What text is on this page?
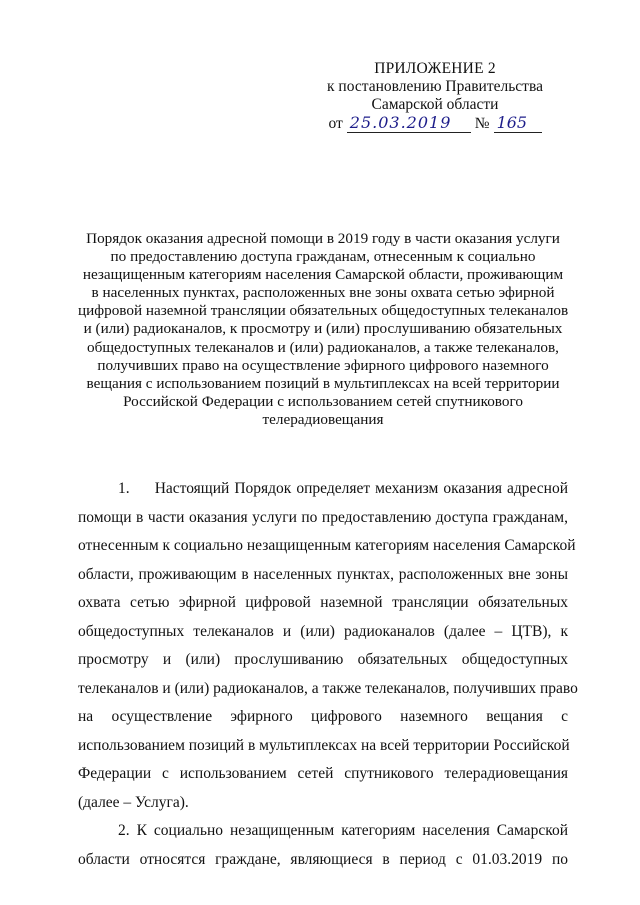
ПРИЛОЖЕНИЕ 2
к постановлению Правительства
Самарской области
от 25.03.2019	№ 165
Порядок оказания адресной помощи в 2019 году в части оказания услуги
по предоставлению доступа гражданам, отнесенным к социально
незащищенным категориям населения Самарской области, проживающим
в населенных пунктах, расположенных вне зоны охвата сетью эфирной
цифровой наземной трансляции обязательных общедоступных телеканалов
и (или) радиоканалов, к просмотру и (или) прослушиванию обязательных
общедоступных телеканалов и (или) радиоканалов, а также телеканалов,
получивших право на осуществление эфирного цифрового наземного
вещания с использованием позиций в мультиплексах на всей территории
Российской Федерации с использованием сетей спутникового
телерадиовещания
1. Настоящий Порядок определяет механизм оказания адресной
помощи в части оказания услуги по предоставлению доступа гражданам,
отнесенным к социально незащищенным категориям населения Самарской
области, проживающим в населенных пунктах, расположенных вне зоны
охвата сетью эфирной цифровой наземной трансляции обязательных
общедоступных телеканалов и (или) радиоканалов (далее – ЦТВ), к
просмотру и (или) прослушиванию обязательных общедоступных
телеканалов и (или) радиоканалов, а также телеканалов, получивших право
на осуществление эфирного цифрового наземного вещания с
использованием позиций в мультиплексах на всей территории Российской
Федерации с использованием сетей спутникового телерадиовещания
(далее – Услуга).
2. К социально незащищенным категориям населения Самарской
области относятся граждане, являющиеся в период с 01.03.2019 по
